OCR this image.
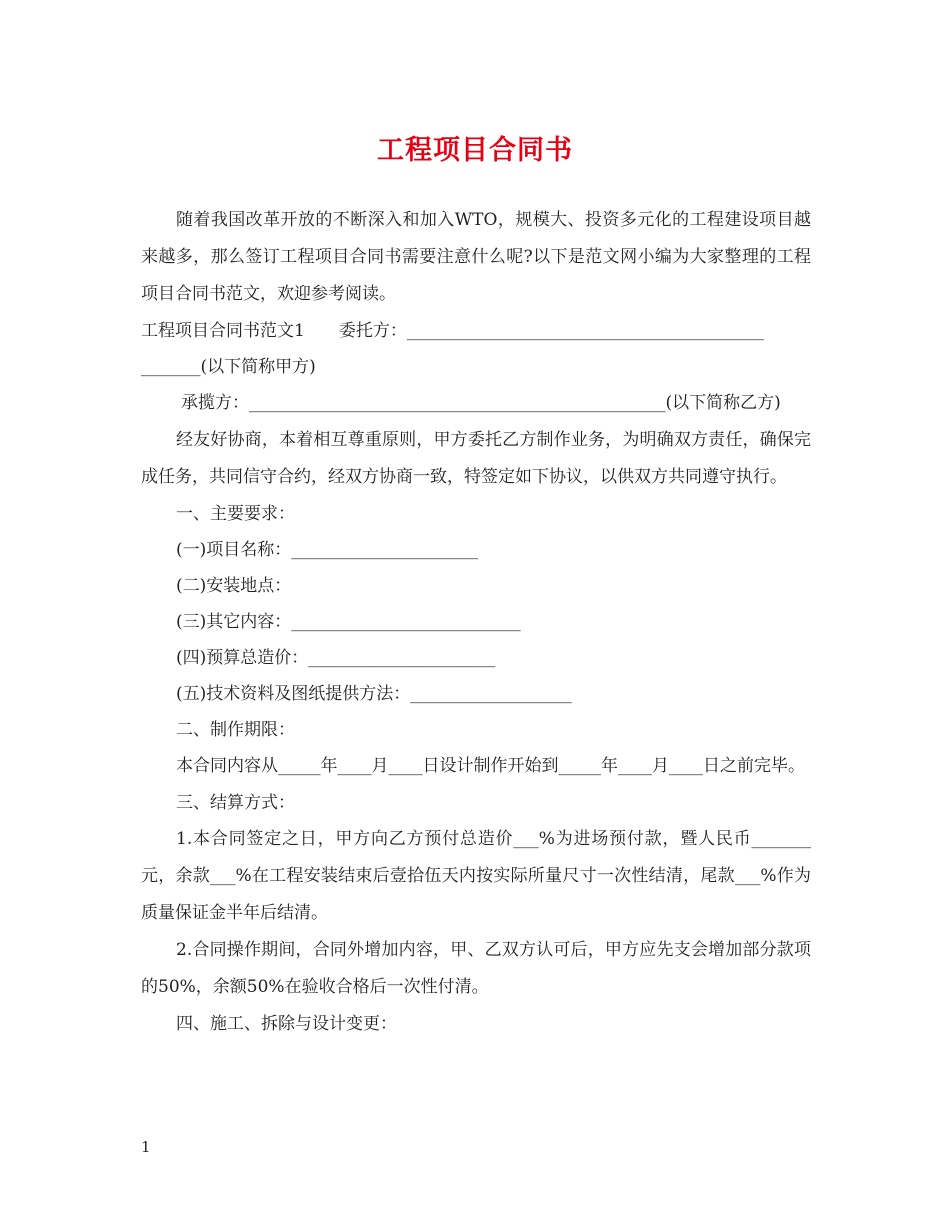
工程项目合同书

随着我国改革开放的不断深入和加入WTO，规模大、投资多元化的工程建设项目越来越多，那么签订工程项目合同书需要注意什么呢?以下是范文网小编为大家整理的工程项目合同书范文，欢迎参考阅读。

工程项目合同书范文1　　委托方：__________________________________________

_______(以下简称甲方)

承揽方：_________________________________________________(以下简称乙方)

经友好协商，本着相互尊重原则，甲方委托乙方制作业务，为明确双方责任，确保完成任务，共同信守合约，经双方协商一致，特签定如下协议，以供双方共同遵守执行。

一、主要要求：

(一)项目名称：______________________

(二)安装地点：

(三)其它内容：___________________________

(四)预算总造价：______________________

(五)技术资料及图纸提供方法：___________________

二、制作期限：

本合同内容从_____年____月____日设计制作开始到_____年____月____日之前完毕。

三、结算方式：

1.本合同签定之日，甲方向乙方预付总造价___%为进场预付款，暨人民币_______元，余款___%在工程安装结束后壹拾伍天内按实际所量尺寸一次性结清，尾款___%作为质量保证金半年后结清。

2.合同操作期间，合同外增加内容，甲、乙双方认可后，甲方应先支会增加部分款项的50%，余额50%在验收合格后一次性付清。

四、施工、拆除与设计变更：

1
